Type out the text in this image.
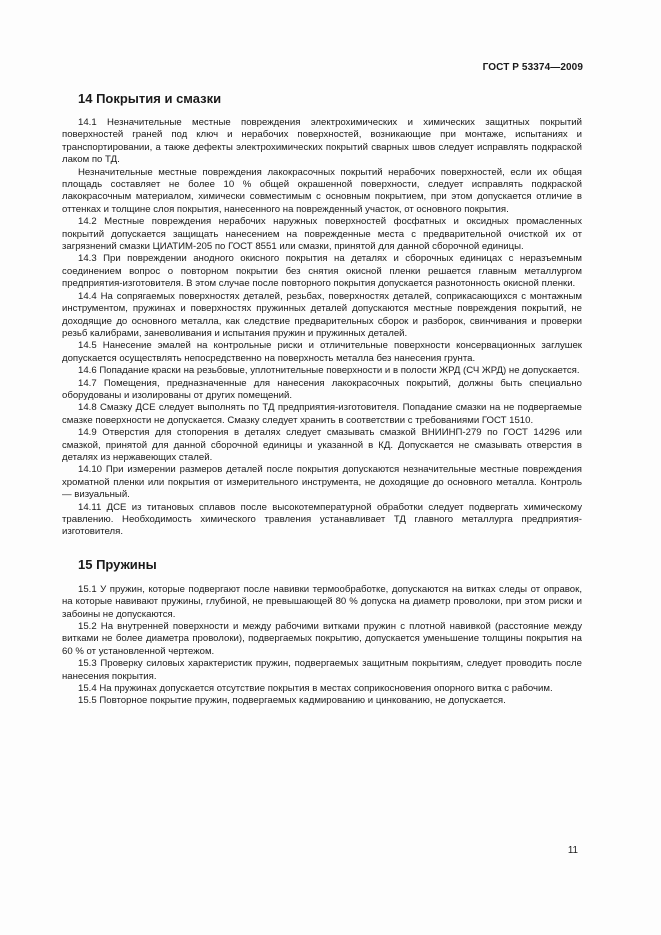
ГОСТ Р 53374—2009
14 Покрытия и смазки

14.1 Незначительные местные повреждения электрохимических и химических защитных покрытий поверхностей граней под ключ и нерабочих поверхностей, возникающие при монтаже, испытаниях и транспортировании, а также дефекты электрохимических покрытий сварных швов следует исправлять подкраской лаком по ТД.

Незначительные местные повреждения лакокрасочных покрытий нерабочих поверхностей, если их общая площадь составляет не более 10 % общей окрашенной поверхности, следует исправлять подкраской лакокрасочным материалом, химически совместимым с основным покрытием, при этом допускается отличие в оттенках и толщине слоя покрытия, нанесенного на поврежденный участок, от основного покрытия.

14.2 Местные повреждения нерабочих наружных поверхностей фосфатных и оксидных промасленных покрытий допускается защищать нанесением на поврежденные места с предварительной очисткой их от загрязнений смазки ЦИАТИМ-205 по ГОСТ 8551 или смазки, принятой для данной сборочной единицы.

14.3 При повреждении анодного окисного покрытия на деталях и сборочных единицах с неразъемным соединением вопрос о повторном покрытии без снятия окисной пленки решается главным металлургом предприятия-изготовителя. В этом случае после повторного покрытия допускается разнотонность окисной пленки.

14.4 На сопрягаемых поверхностях деталей, резьбах, поверхностях деталей, соприкасающихся с монтажным инструментом, пружинах и поверхностях пружинных деталей допускаются местные повреждения покрытий, не доходящие до основного металла, как следствие предварительных сборок и разборок, свинчивания и проверки резьб калибрами, заневоливания и испытания пружин и пружинных деталей.

14.5 Нанесение эмалей на контрольные риски и отличительные поверхности консервационных заглушек допускается осуществлять непосредственно на поверхность металла без нанесения грунта.

14.6 Попадание краски на резьбовые, уплотнительные поверхности и в полости ЖРД (СЧ ЖРД) не допускается.

14.7 Помещения, предназначенные для нанесения лакокрасочных покрытий, должны быть специально оборудованы и изолированы от других помещений.

14.8 Смазку ДСЕ следует выполнять по ТД предприятия-изготовителя. Попадание смазки на не подвергаемые смазке поверхности не допускается. Смазку следует хранить в соответствии с требованиями ГОСТ 1510.

14.9 Отверстия для стопорения в деталях следует смазывать смазкой ВНИИНП-279 по ГОСТ 14296 или смазкой, принятой для данной сборочной единицы и указанной в КД. Допускается не смазывать отверстия в деталях из нержавеющих сталей.

14.10 При измерении размеров деталей после покрытия допускаются незначительные местные повреждения хроматной пленки или покрытия от измерительного инструмента, не доходящие до основного металла. Контроль — визуальный.

14.11 ДСЕ из титановых сплавов после высокотемпературной обработки следует подвергать химическому травлению. Необходимость химического травления устанавливает ТД главного металлурга предприятия-изготовителя.

15 Пружины

15.1 У пружин, которые подвергают после навивки термообработке, допускаются на витках следы от оправок, на которые навивают пружины, глубиной, не превышающей 80 % допуска на диаметр проволоки, при этом риски и забоины не допускаются.

15.2 На внутренней поверхности и между рабочими витками пружин с плотной навивкой (расстояние между витками не более диаметра проволоки), подвергаемых покрытию, допускается уменьшение толщины покрытия на 60 % от установленной чертежом.

15.3 Проверку силовых характеристик пружин, подвергаемых защитным покрытиям, следует проводить после нанесения покрытия.

15.4 На пружинах допускается отсутствие покрытия в местах соприкосновения опорного витка с рабочим.

15.5 Повторное покрытие пружин, подвергаемых кадмированию и цинкованию, не допускается.

11
